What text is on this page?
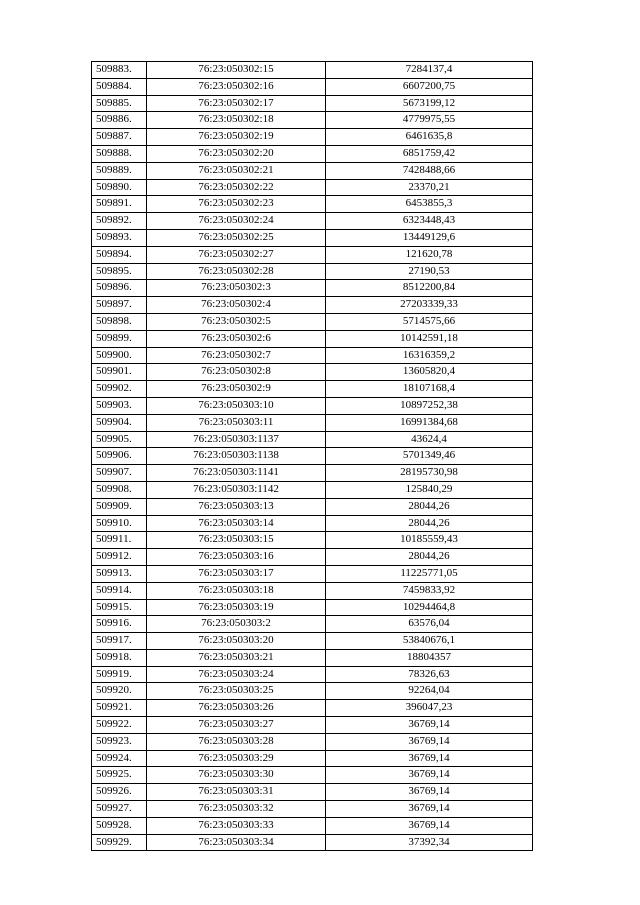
509883.	76:23:050302:15	7284137,4
509884.	76:23:050302:16	6607200,75
509885.	76:23:050302:17	5673199,12
509886.	76:23:050302:18	4779975,55
509887.	76:23:050302:19	6461635,8
509888.	76:23:050302:20	6851759,42
509889.	76:23:050302:21	7428488,66
509890.	76:23:050302:22	23370,21
509891.	76:23:050302:23	6453855,3
509892.	76:23:050302:24	6323448,43
509893.	76:23:050302:25	13449129,6
509894.	76:23:050302:27	121620,78
509895.	76:23:050302:28	27190,53
509896.	76:23:050302:3	8512200,84
509897.	76:23:050302:4	27203339,33
509898.	76:23:050302:5	5714575,66
509899.	76:23:050302:6	10142591,18
509900.	76:23:050302:7	16316359,2
509901.	76:23:050302:8	13605820,4
509902.	76:23:050302:9	18107168,4
509903.	76:23:050303:10	10897252,38
509904.	76:23:050303:11	16991384,68
509905.	76:23:050303:1137	43624,4
509906.	76:23:050303:1138	5701349,46
509907.	76:23:050303:1141	28195730,98
509908.	76:23:050303:1142	125840,29
509909.	76:23:050303:13	28044,26
509910.	76:23:050303:14	28044,26
509911.	76:23:050303:15	10185559,43
509912.	76:23:050303:16	28044,26
509913.	76:23:050303:17	11225771,05
509914.	76:23:050303:18	7459833,92
509915.	76:23:050303:19	10294464,8
509916.	76:23:050303:2	63576,04
509917.	76:23:050303:20	53840676,1
509918.	76:23:050303:21	18804357
509919.	76:23:050303:24	78326,63
509920.	76:23:050303:25	92264,04
509921.	76:23:050303:26	396047,23
509922.	76:23:050303:27	36769,14
509923.	76:23:050303:28	36769,14
509924.	76:23:050303:29	36769,14
509925.	76:23:050303:30	36769,14
509926.	76:23:050303:31	36769,14
509927.	76:23:050303:32	36769,14
509928.	76:23:050303:33	36769,14
509929.	76:23:050303:34	37392,34
